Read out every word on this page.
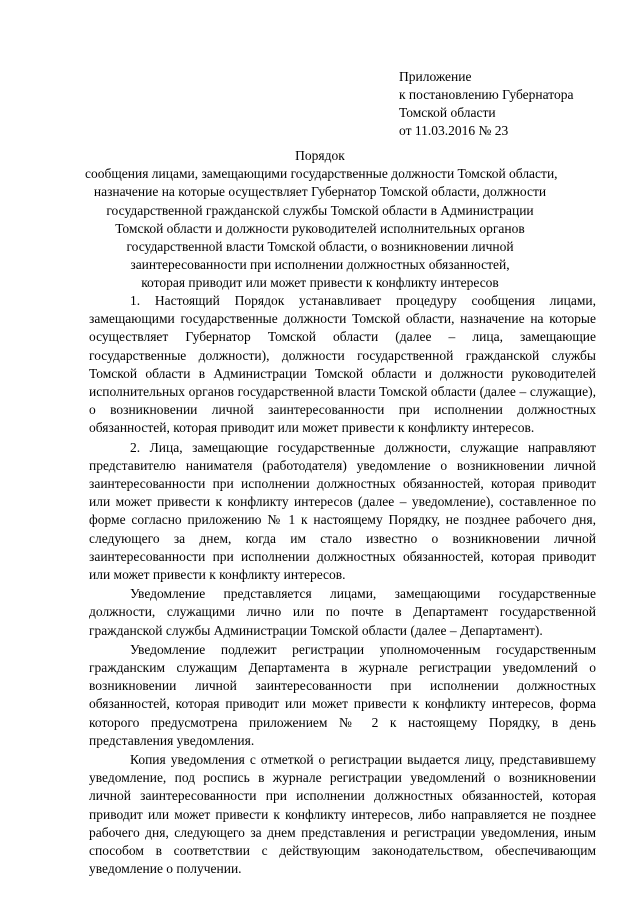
Приложение
к постановлению Губернатора
Томской области
от 11.03.2016 № 23
Порядок
сообщения лицами, замещающими государственные должности Томской области,
назначение на которые осуществляет Губернатор Томской области, должности
государственной гражданской службы Томской области в Администрации
Томской области и должности руководителей исполнительных органов
государственной власти Томской области, о возникновении личной
заинтересованности при исполнении должностных обязанностей,
которая приводит или может привести к конфликту интересов

1. Настоящий Порядок устанавливает процедуру сообщения лицами, замещающими государственные должности Томской области, назначение на которые осуществляет Губернатор Томской области (далее – лица, замещающие государственные должности), должности государственной гражданской службы Томской области в Администрации Томской области и должности руководителей исполнительных органов государственной власти Томской области (далее – служащие), о возникновении личной заинтересованности при исполнении должностных обязанностей, которая приводит или может привести к конфликту интересов.

2. Лица, замещающие государственные должности, служащие направляют представителю нанимателя (работодателя) уведомление о возникновении личной заинтересованности при исполнении должностных обязанностей, которая приводит или может привести к конфликту интересов (далее – уведомление), составленное по форме согласно приложению № 1 к настоящему Порядку, не позднее рабочего дня, следующего за днем, когда им стало известно о возникновении личной заинтересованности при исполнении должностных обязанностей, которая приводит или может привести к конфликту интересов.

Уведомление представляется лицами, замещающими государственные должности, служащими лично или по почте в Департамент государственной гражданской службы Администрации Томской области (далее – Департамент).

Уведомление подлежит регистрации уполномоченным государственным гражданским служащим Департамента в журнале регистрации уведомлений о возникновении личной заинтересованности при исполнении должностных обязанностей, которая приводит или может привести к конфликту интересов, форма которого предусмотрена приложением № 2 к настоящему Порядку, в день представления уведомления.

Копия уведомления с отметкой о регистрации выдается лицу, представившему уведомление, под роспись в журнале регистрации уведомлений о возникновении личной заинтересованности при исполнении должностных обязанностей, которая приводит или может привести к конфликту интересов, либо направляется не позднее рабочего дня, следующего за днем представления и регистрации уведомления, иным способом в соответствии с действующим законодательством, обеспечивающим уведомление о получении.
